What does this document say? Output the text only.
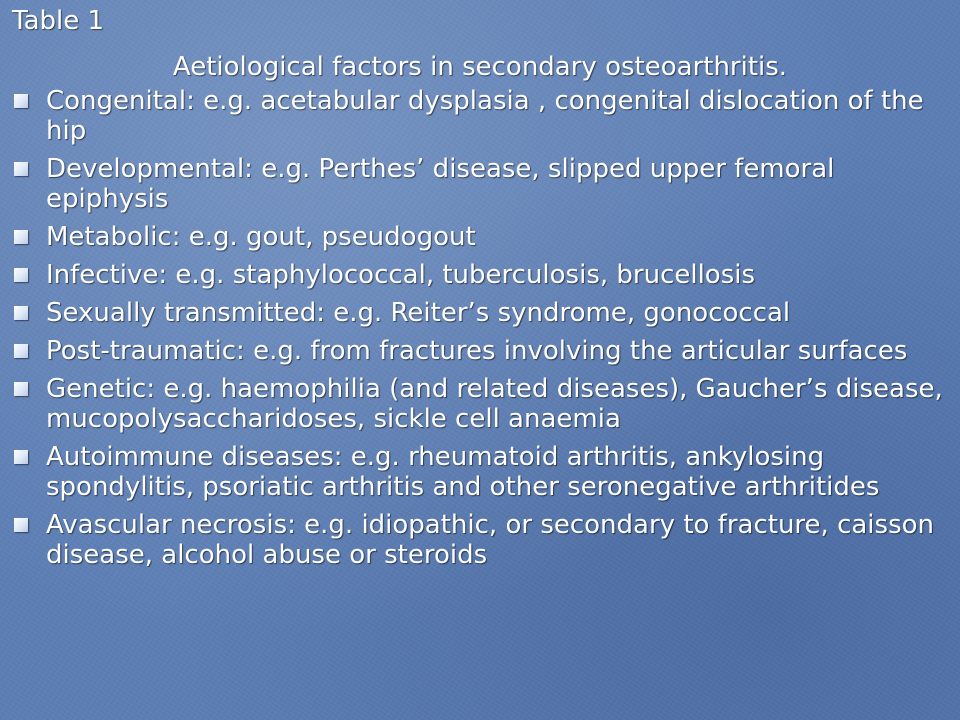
Table 1
Aetiological factors in secondary osteoarthritis.
Congenital: e.g. acetabular dysplasia , congenital dislocation of the hip
Developmental: e.g. Perthes’ disease, slipped upper femoral epiphysis
Metabolic: e.g. gout, pseudogout
Infective: e.g. staphylococcal, tuberculosis, brucellosis
Sexually transmitted: e.g. Reiter’s syndrome, gonococcal
Post-traumatic: e.g. from fractures involving the articular surfaces
Genetic: e.g. haemophilia (and related diseases), Gaucher’s disease, mucopolysaccharidoses, sickle cell anaemia
Autoimmune diseases: e.g. rheumatoid arthritis, ankylosing spondylitis, psoriatic arthritis and other seronegative arthritides
Avascular necrosis: e.g. idiopathic, or secondary to fracture, caisson disease, alcohol abuse or steroids
